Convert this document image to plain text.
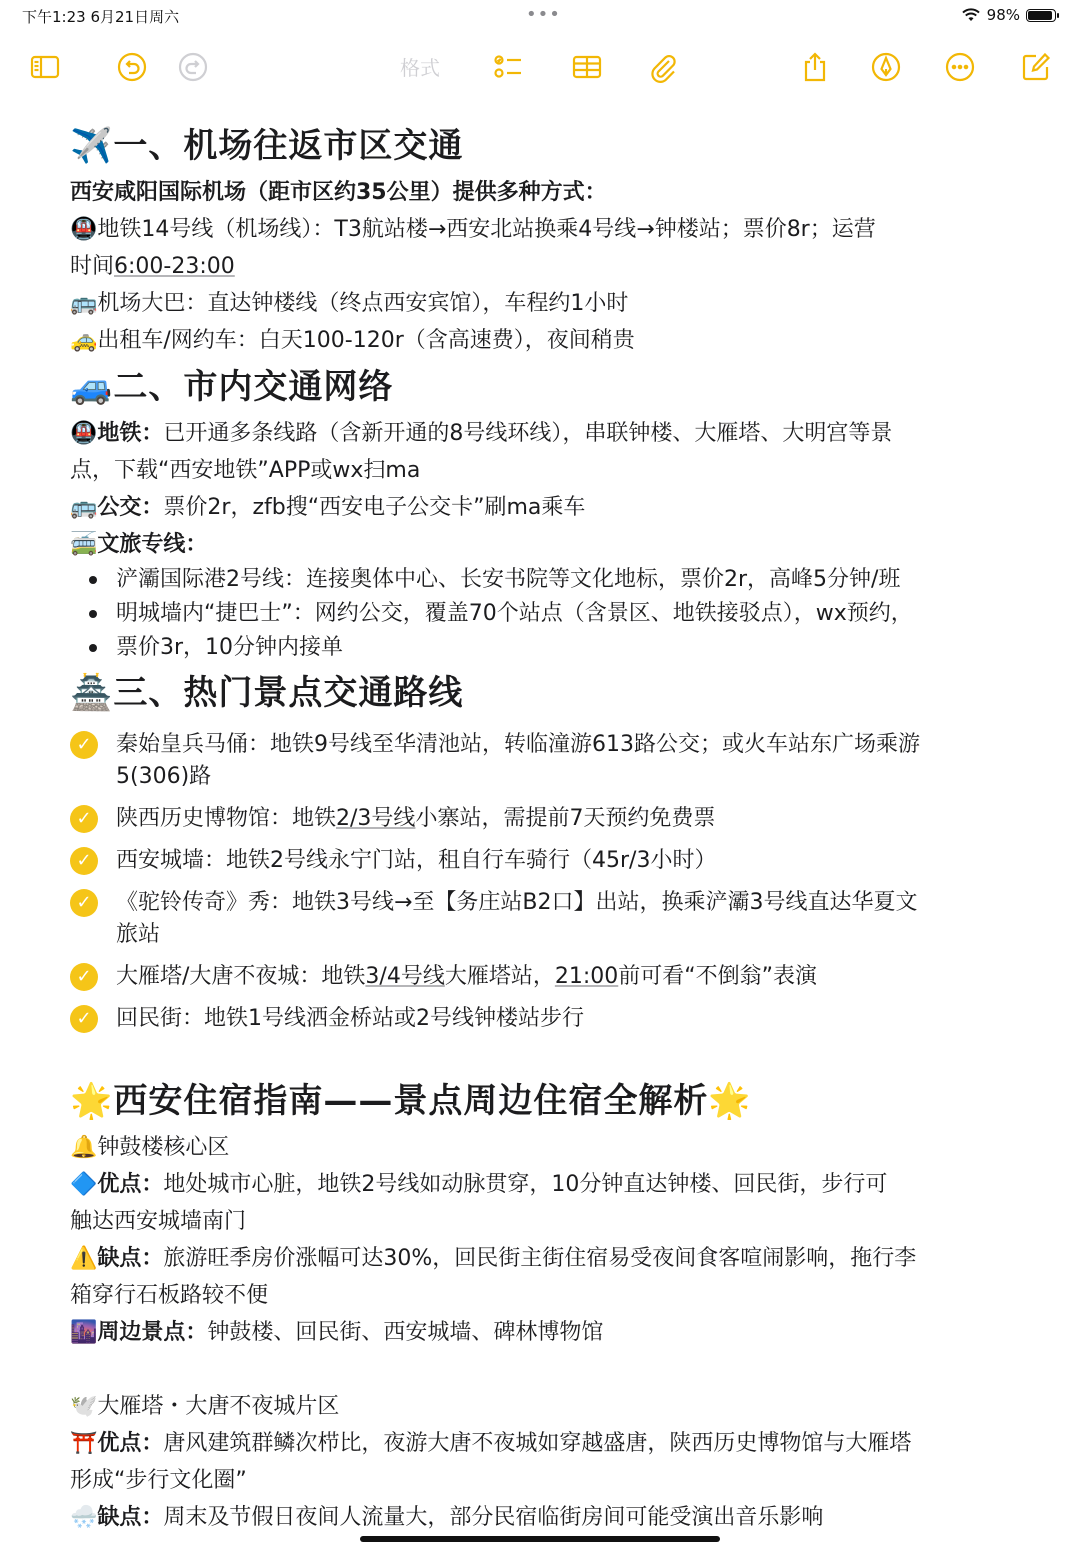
下午1:23 6月21日周六	•••	98%
格式
✈️一、机场往返市区交通
西安咸阳国际机场（距市区约35公里）提供多种方式：
🚇地铁14号线（机场线）：T3航站楼→西安北站换乘4号线→钟楼站；票价8r；运营
时间6:00-23:00
🚌机场大巴：直达钟楼线（终点西安宾馆），车程约1小时
🚕出租车/网约车：白天100-120r（含高速费），夜间稍贵
🚙二、市内交通网络
🚇地铁：已开通多条线路（含新开通的8号线环线），串联钟楼、大雁塔、大明宫等景
点，下载“西安地铁”APP或wx扫ma
🚌公交：票价2r，zfb搜“西安电子公交卡”刷ma乘车
🚎文旅专线：
浐灞国际港2号线：连接奥体中心、长安书院等文化地标，票价2r，高峰5分钟/班
明城墙内“捷巴士”：网约公交，覆盖70个站点（含景区、地铁接驳点），wx预约，
票价3r，10分钟内接单
🏯三、热门景点交通路线
✓ 秦始皇兵马俑：地铁9号线至华清池站，转临潼游613路公交；或火车站东广场乘游
5(306)路
✓ 陕西历史博物馆：地铁2/3号线小寨站，需提前7天预约免费票
✓ 西安城墙：地铁2号线永宁门站，租自行车骑行（45r/3小时）
✓ 《驼铃传奇》秀：地铁3号线→至【务庄站B2口】出站，换乘浐灞3号线直达华夏文
旅站
✓ 大雁塔/大唐不夜城：地铁3/4号线大雁塔站，21:00前可看“不倒翁”表演
✓ 回民街：地铁1号线洒金桥站或2号线钟楼站步行
🌟西安住宿指南——景点周边住宿全解析🌟
🔔钟鼓楼核心区
🔷优点：地处城市心脏，地铁2号线如动脉贯穿，10分钟直达钟楼、回民街，步行可
触达西安城墙南门
⚠️缺点：旅游旺季房价涨幅可达30%，回民街主街住宿易受夜间食客喧闹影响，拖行李
箱穿行石板路较不便
🌆周边景点：钟鼓楼、回民街、西安城墙、碑林博物馆
🕊️大雁塔・大唐不夜城片区
⛩️优点：唐风建筑群鳞次栉比，夜游大唐不夜城如穿越盛唐，陕西历史博物馆与大雁塔
形成“步行文化圈”
🌨️缺点：周末及节假日夜间人流量大，部分民宿临街房间可能受演出音乐影响
